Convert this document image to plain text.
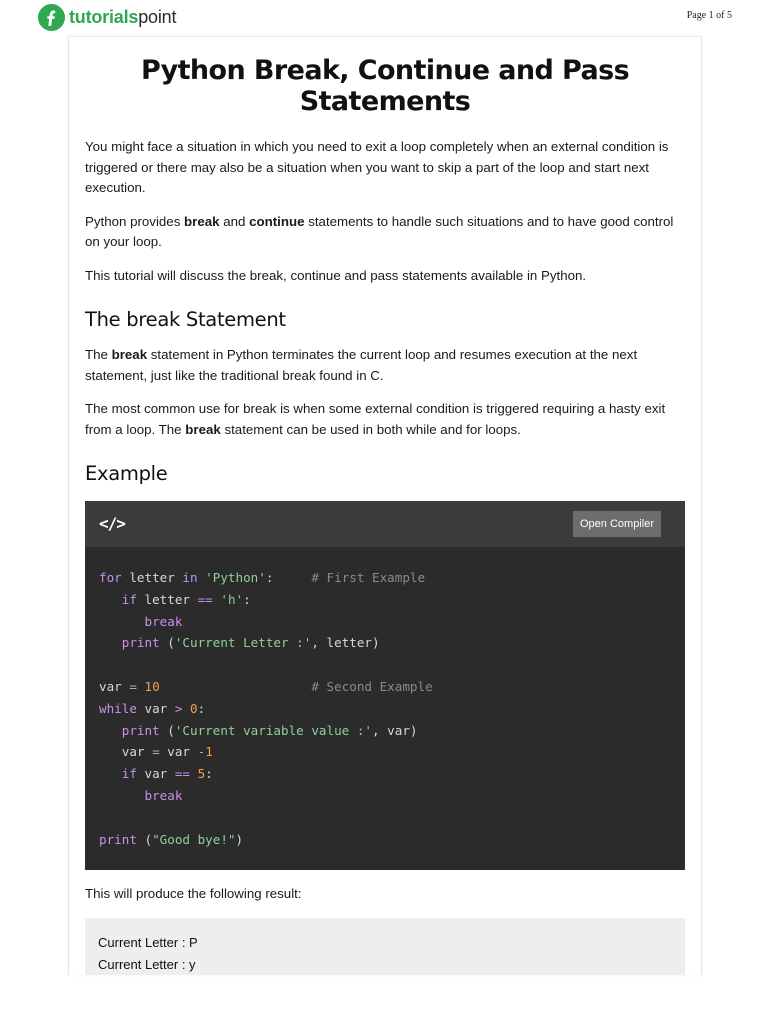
tutorialspoint	Page 1 of 5
Python Break, Continue and Pass Statements

You might face a situation in which you need to exit a loop completely when an external condition is triggered or there may also be a situation when you want to skip a part of the loop and start next execution.

Python provides break and continue statements to handle such situations and to have good control on your loop.

This tutorial will discuss the break, continue and pass statements available in Python.

The break Statement

The break statement in Python terminates the current loop and resumes execution at the next statement, just like the traditional break found in C.

The most common use for break is when some external condition is triggered requiring a hasty exit from a loop. The break statement can be used in both while and for loops.

Example
</>	Open Compiler
for letter in 'Python':     # First Example
if letter == 'h':
break
print ('Current Letter :', letter)

var = 10	# Second Example
while var > 0:
print ('Current variable value :', var)
var = var -1
if var == 5:
break

print ("Good bye!")

This will produce the following result:

Current Letter : P
Current Letter : y
